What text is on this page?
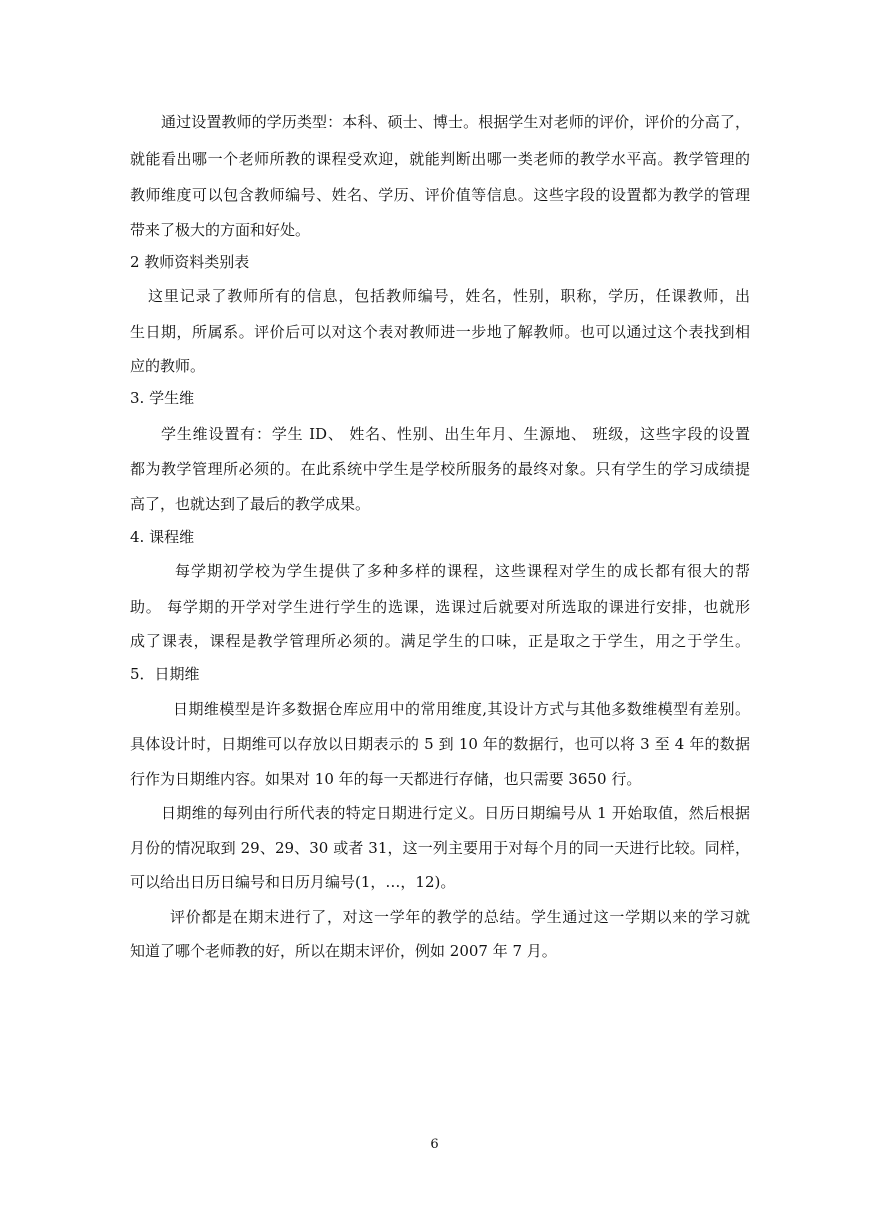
通过设置教师的学历类型：本科、硕士、博士。根据学生对老师的评价，评价的分高了，
就能看出哪一个老师所教的课程受欢迎，就能判断出哪一类老师的教学水平高。教学管理的
教师维度可以包含教师编号、姓名、学历、评价值等信息。这些字段的设置都为教学的管理
带来了极大的方面和好处。
2 教师资料类别表
这里记录了教师所有的信息，包括教师编号，姓名，性别，职称，学历，任课教师，出
生日期，所属系。评价后可以对这个表对教师进一步地了解教师。也可以通过这个表找到相
应的教师。
3. 学生维
学生维设置有：学生 ID、 姓名、性别、出生年月、生源地、 班级，这些字段的设置
都为教学管理所必须的。在此系统中学生是学校所服务的最终对象。只有学生的学习成绩提
高了，也就达到了最后的教学成果。
4. 课程维
每学期初学校为学生提供了多种多样的课程，这些课程对学生的成长都有很大的帮
助。 每学期的开学对学生进行学生的选课，选课过后就要对所选取的课进行安排，也就形
成了课表，课程是教学管理所必须的。满足学生的口味，正是取之于学生，用之于学生。
5．日期维
日期维模型是许多数据仓库应用中的常用维度,其设计方式与其他多数维模型有差别。
具体设计时，日期维可以存放以日期表示的 5 到 10 年的数据行，也可以将 3 至 4 年的数据
行作为日期维内容。如果对 10 年的每一天都进行存储，也只需要 3650 行。
日期维的每列由行所代表的特定日期进行定义。日历日期编号从 1 开始取值，然后根据
月份的情况取到 29、29、30 或者 31，这一列主要用于对每个月的同一天进行比较。同样，
可以给出日历日编号和日历月编号(1，…，12)。
评价都是在期末进行了，对这一学年的教学的总结。学生通过这一学期以来的学习就
知道了哪个老师教的好，所以在期末评价，例如 2007 年 7 月。
6
